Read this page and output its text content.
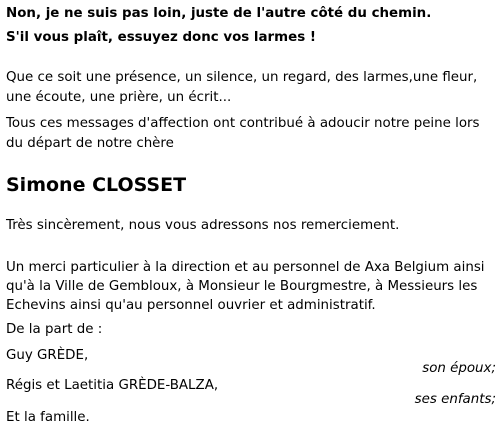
Non, je ne suis pas loin, juste de l'autre côté du chemin.
S'il vous plaît, essuyez donc vos larmes !
Que ce soit une présence, un silence, un regard, des larmes,une fleur,
une écoute, une prière, un écrit...
Tous ces messages d'affection ont contribué à adoucir notre peine lors
du départ de notre chère
Simone CLOSSET
Très sincèrement, nous vous adressons nos remerciement.
Un merci particulier à la direction et au personnel de Axa Belgium ainsi
qu'à la Ville de Gembloux, à Monsieur le Bourgmestre, à Messieurs les
Echevins ainsi qu'au personnel ouvrier et administratif.
De la part de :
Guy GRÈDE,
son époux;
Régis et Laetitia GRÈDE-BALZA,
ses enfants;
Et la famille.
